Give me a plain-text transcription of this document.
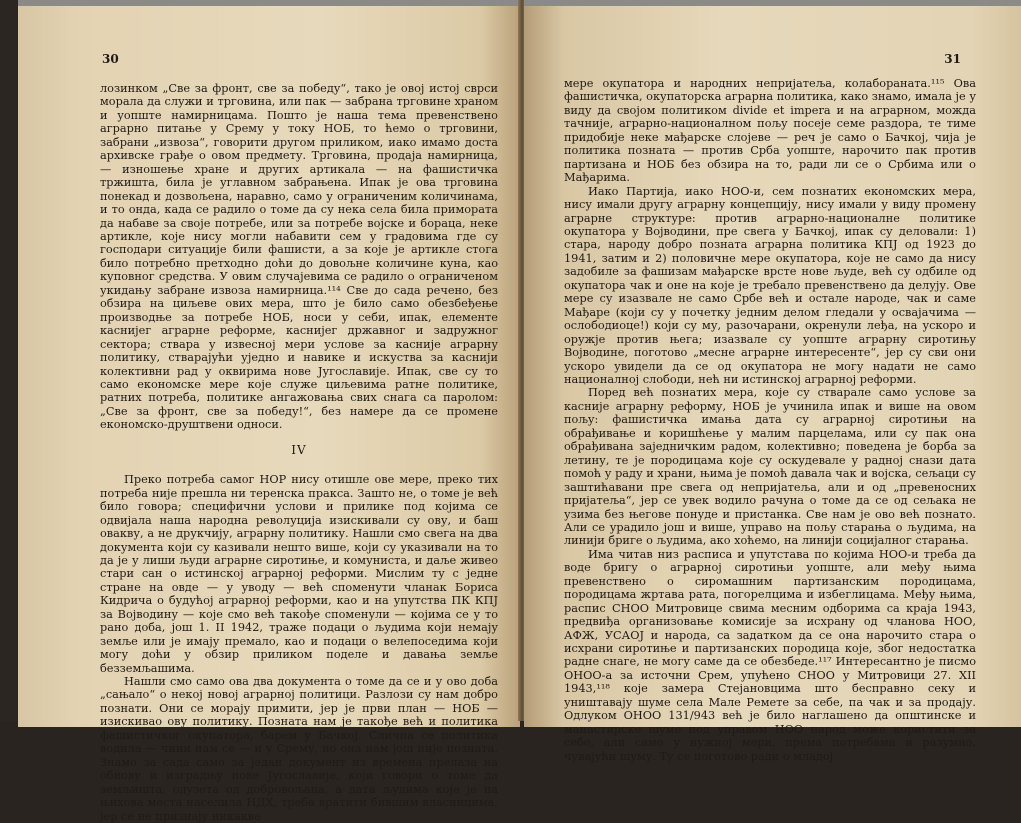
30

лозинком „Све за фронт, све за победу“, тако је овој истој сврси морала да служи и трговина, или пак — забрана трговине храном и уопште намирницама. Пошто је наша тема превенствено аграрно питање у Срему у току НОБ, то ћемо о трговини, забрани „извоза“, говорити другом приликом, иако имамо доста архивске грађе о овом предмету. Трговина, продаја намирница, — изношење хране и других артикала — на фашистичка тржишта, била је углавном забрањена. Ипак је ова трговина понекад и дозвољена, наравно, само у ограниченим количинама, и то онда, када се радило о томе да су нека села била примората да набаве за своје потребе, или за потребе војске и бораца, неке артикле, које нису могли набавити сем у градовима где су господари ситуације били фашисти, а за које је артикле стога било потребно претходно доћи до довољне количине куна, као куповног средства. У овим случајевима се радило о ограниченом укидању забране извоза намирница.¹¹⁴ Све до сада речено, без обзира на циљеве ових мера, што је било само обезбеђење производње за потребе НОБ, носи у себи, ипак, елементе каснијег аграрне реформе, каснијег државног и задружног сектора; ствара у извесној мери услове за касније аграрну политику, стварајући уједно и навике и искуства за каснији колективни рад у оквирима нове Југославије. Ипак, све су то само економске мере које служе циљевима ратне политике, ратних потреба, политике ангажовања свих снага са паролом: „Све за фронт, све за победу!“, без намере да се промене економско-друштвени односи.

IV

Преко потреба самог НОР нису отишле ове мере, преко тих потреба није прешла ни теренска пракса. Зашто не, о томе је већ било говора; специфични услови и прилике под којима се одвијала наша народна револуција изискивали су ову, и баш овакву, а не друкчију, аграрну политику. Нашли смо свега на два документа који су казивали нешто више, који су указивали на то да је у лиши људи аграрне сиротиње, и комуниста, и даље живео стари сан о истинској аграрној реформи. Мислим ту с једне стране на овде — у уводу — већ споменути чланак Бориса Кидрича о будућој аграрној реформи, као и на упутства ПК КПЈ за Војводину — које смо већ такође споменули — којима се у то рано доба, још 1. II 1942, траже подаци о људима који немају земље или је имају премало, као и подаци о велепоседима који могу доћи у обзир приликом поделе и давања земље безземљашима.

Нашли смо само ова два документа о томе да се и у ово доба „сањало“ о некој новој аграрној политици. Разлози су нам добро познати. Они се морају примити, јер је први план — НОБ — изискивао ову политику. Позната нам је такође већ и политика фашистичког окупатора, барем у Бачкој. Слична се политика водила — чини нам се — и у Срему, но она нам још није позната. Знамо за сада само за један документ из времена прелаза на обнову и изградњу нове Југославије, који говори о томе да земљишта, одузета од добровољаца, а дата људима које је на њихова места населила НДХ, треба вратити бившим власницима, јер се не признају никакве

31

мере окупатора и народних непријатеља, колабораната.¹¹⁵ Ова фашистичка, окупаторска аграрна политика, како знамо, имала је у виду да својом политиком divide et impera и на аграрном, можда тачније, аграрно-националном пољу посеје семе раздора, те тиме придобије неке мађарске слојеве — реч је само о Бачкој, чија је политика позната — против Срба уопште, нарочито пак против партизана и НОБ без обзира на то, ради ли се о Србима или о Мађарима.

Иако Партија, иако НОО-и, сем познатих економских мера, нису имали другу аграрну концепцију, нису имали у виду промену аграрне структуре: против аграрно-националне политике окупатора у Војводини, пре свега у Бачкој, ипак су деловали: 1) стара, народу добро позната аграрна политика КПЈ од 1923 до 1941, затим и 2) половичне мере окупатора, које не само да нису задобиле за фашизам мађарске врсте нове људе, већ су одбиле од окупатора чак и оне на које је требало превенствено да делују. Ове мере су изазвале не само Србе већ и остале народе, чак и саме Мађаре (који су у почетку једним делом гледали у освајачима — ослободиоце!) који су му, разочарани, окренули леђа, на ускоро и оружје против њега; изазвале су уопште аграрну сиротињу Војводине, поготово „месне аграрне интересенте“, јер су сви они ускоро увидели да се од окупатора не могу надати не само националној слободи, нећ ни истинској аграрној реформи.

Поред већ познатих мера, које су стварале само услове за касније аграрну реформу, НОБ је учинила ипак и више на овом пољу: фашистичка имања дата су аграрној сиротињи на обрађивање и коришћење у малим парцелама, или су пак она обрађивана заједничким радом, колективно; поведена је борба за летину, те је породицама које су оскудевале у радној снази дата помоћ у раду и храни, њима је помоћ давала чак и војска, сељаци су заштићавани пре свега од непријатеља, али и од „превеносних пријатеља“, јер се увек водило рачуна о томе да се од сељака не узима без његове понуде и пристанка. Све нам је ово већ познато. Али се урадило још и више, управо на пољу старања о људима, на линији бриге о људима, ако хоћемо, на линији социјалног старања.

Има читав низ расписа и упутстава по којима НОО-и треба да воде бригу о аграрној сиротињи уопште, али међу њима превенствено о сиромашним партизанским породицама, породицама жртава рата, погорелцима и избеглицама. Међу њима, распис СНОО Митровице свима месним одборима са краја 1943, предвиђа организовање комисије за исхрану од чланова НОО, АФЖ, УСАОЈ и народа, са задатком да се она нарочито стара о исхрани сиротиње и партизанских породица које, због недостатка радне снаге, не могу саме да се обезбеде.¹¹⁷ Интересантно је писмо ОНОО-а за источни Срем, упућено СНОО у Митровици 27. XII 1943,¹¹⁸ које замера Стејановцима што бесправно секу и уништавају шуме села Мале Ремете за себе, па чак и за продају. Одлуком ОНОО 131/943 већ је било наглашено да општинске и манастирске шуме под управом НОО народ може користити за себе, али само у нужној мери, према потребама и разумно, чувајући шуму. Ту се поготово ради о младој
